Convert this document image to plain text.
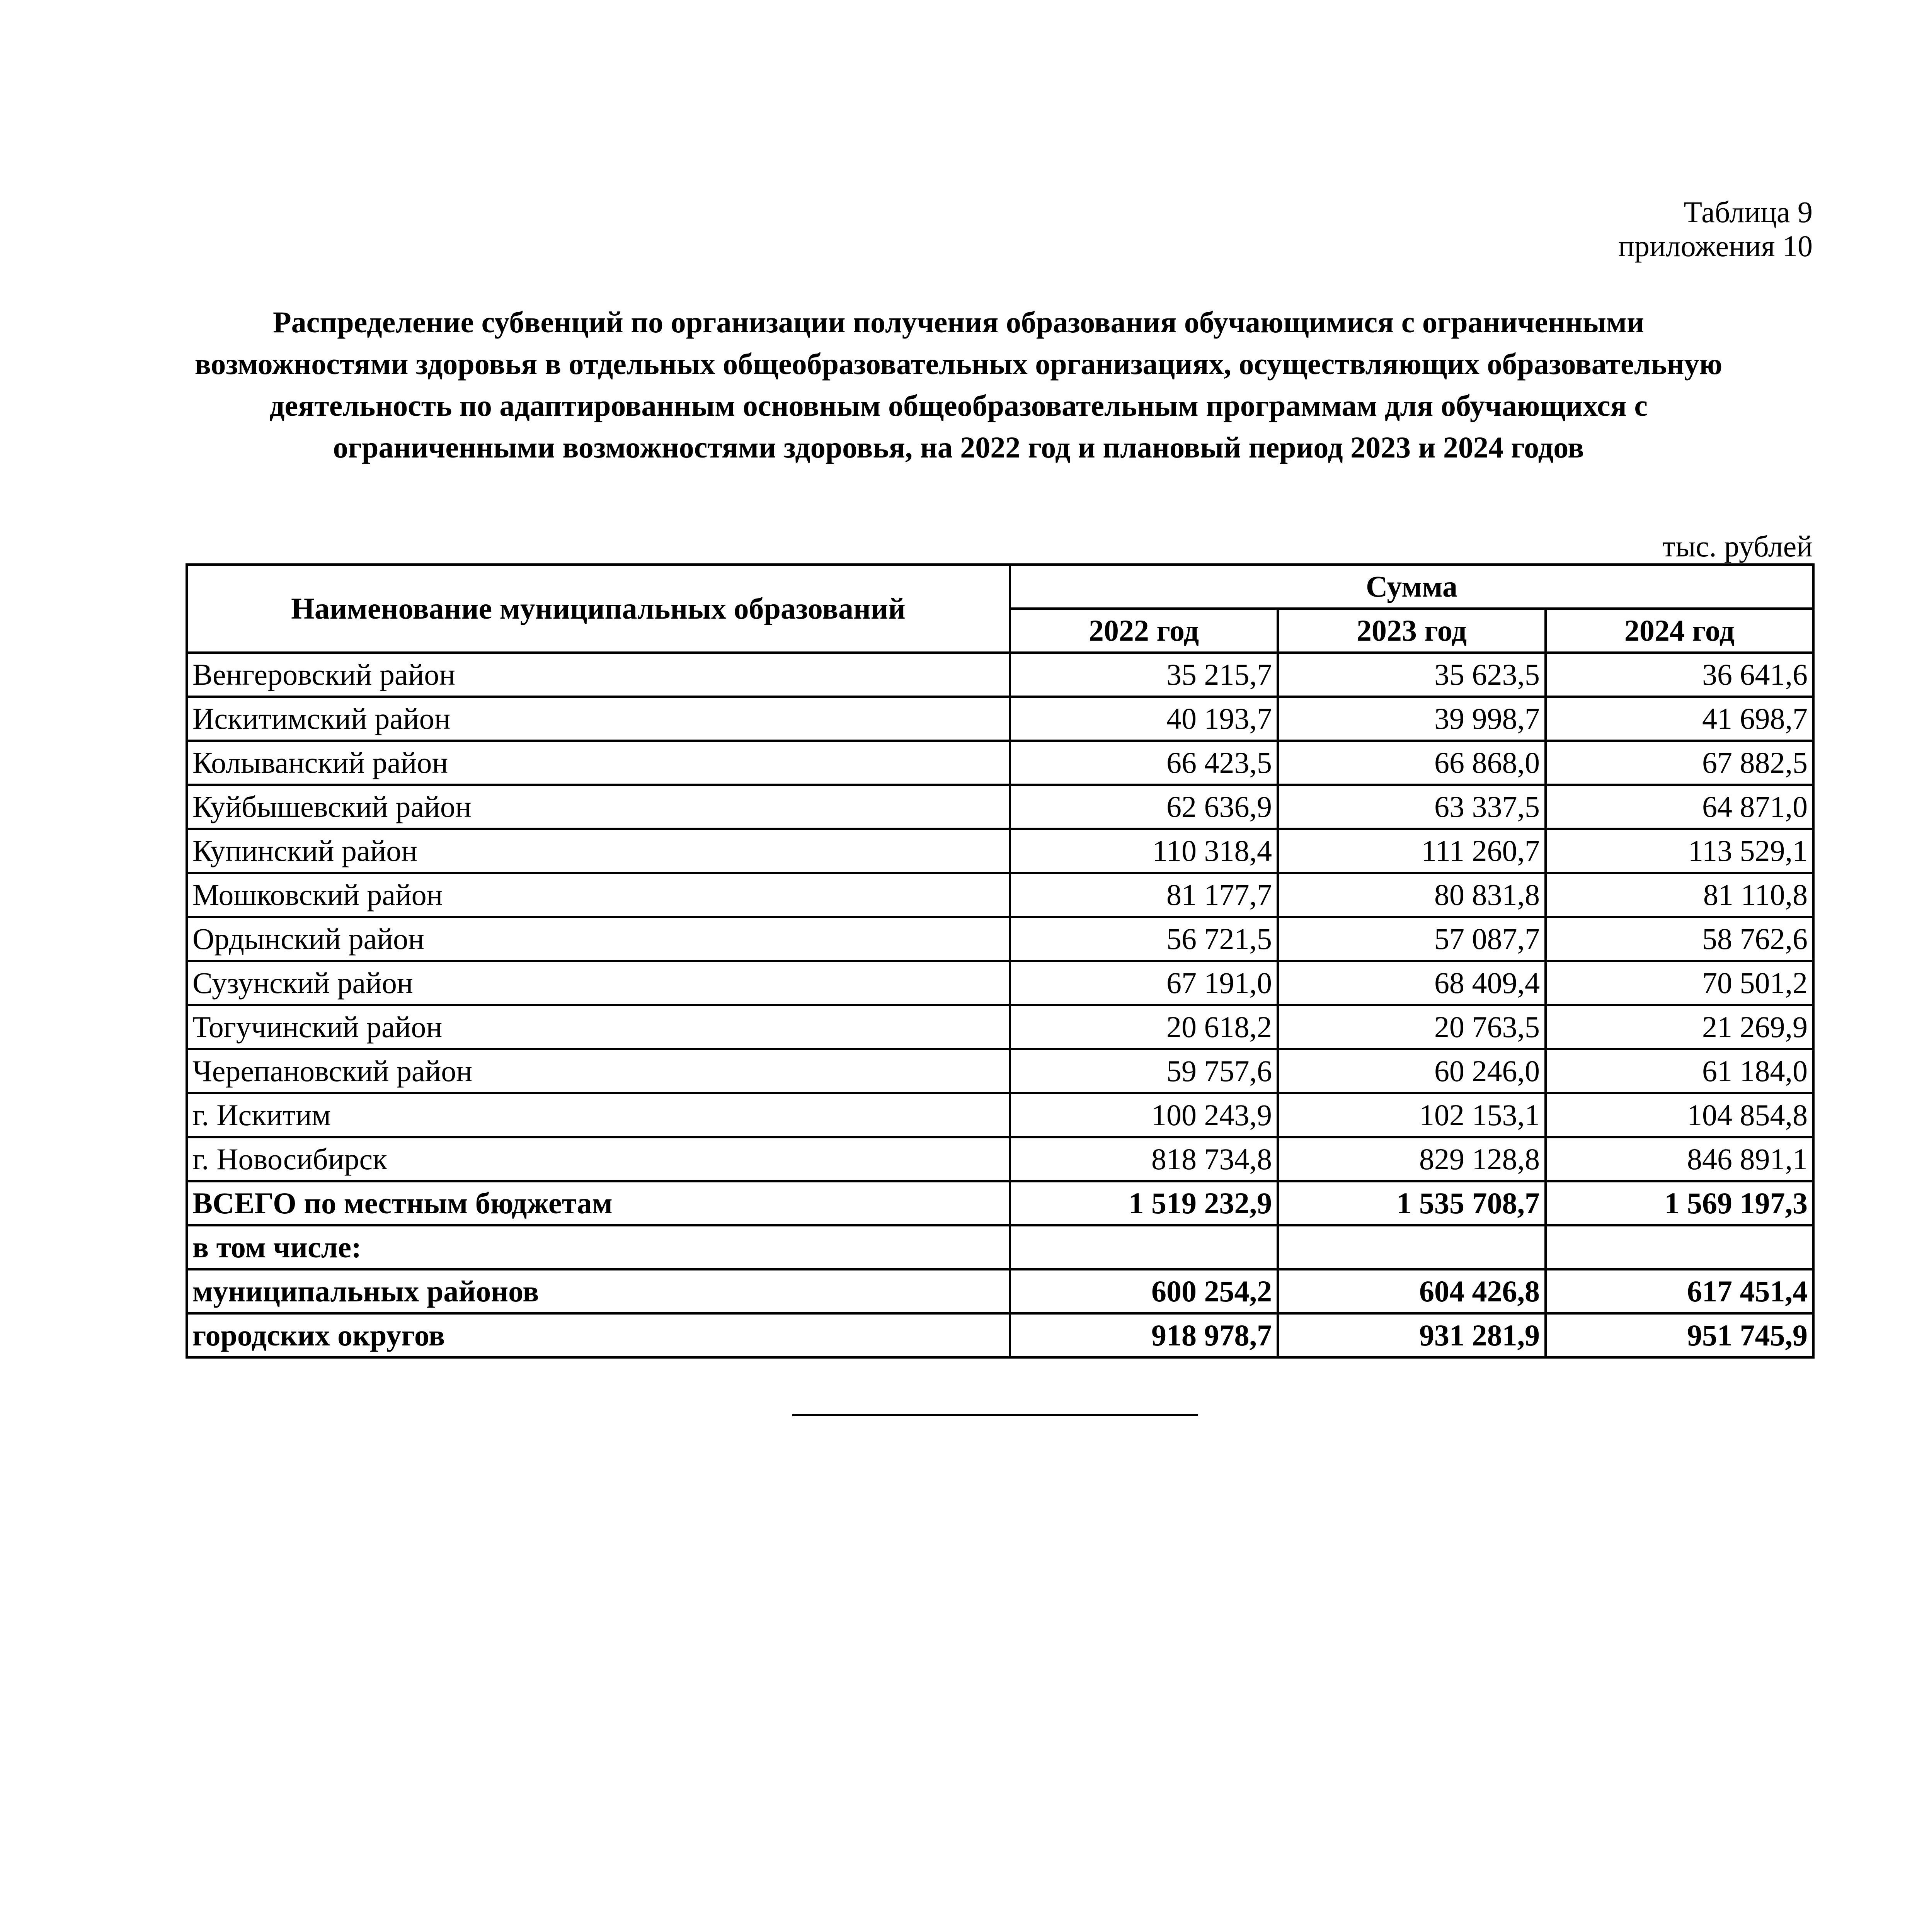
Таблица 9
приложения 10
Распределение субвенций по организации получения образования обучающимися с ограниченными возможностями здоровья в отдельных общеобразовательных организациях, осуществляющих образовательную деятельность по адаптированным основным общеобразовательным программам для обучающихся с ограниченными возможностями здоровья, на 2022 год и плановый период 2023 и 2024 годов
тыс. рублей
Наименование муниципальных образований	Сумма		
	2022 год	2023 год	2024 год
Венгеровский район	35 215,7	35 623,5	36 641,6
Искитимский район	40 193,7	39 998,7	41 698,7
Колыванский район	66 423,5	66 868,0	67 882,5
Куйбышевский район	62 636,9	63 337,5	64 871,0
Купинский район	110 318,4	111 260,7	113 529,1
Мошковский район	81 177,7	80 831,8	81 110,8
Ордынский район	56 721,5	57 087,7	58 762,6
Сузунский район	67 191,0	68 409,4	70 501,2
Тогучинский район	20 618,2	20 763,5	21 269,9
Черепановский район	59 757,6	60 246,0	61 184,0
г. Искитим	100 243,9	102 153,1	104 854,8
г. Новосибирск	818 734,8	829 128,8	846 891,1
ВСЕГО по местным бюджетам	1 519 232,9	1 535 708,7	1 569 197,3
в том числе:			
муниципальных районов	600 254,2	604 426,8	617 451,4
городских округов	918 978,7	931 281,9	951 745,9
